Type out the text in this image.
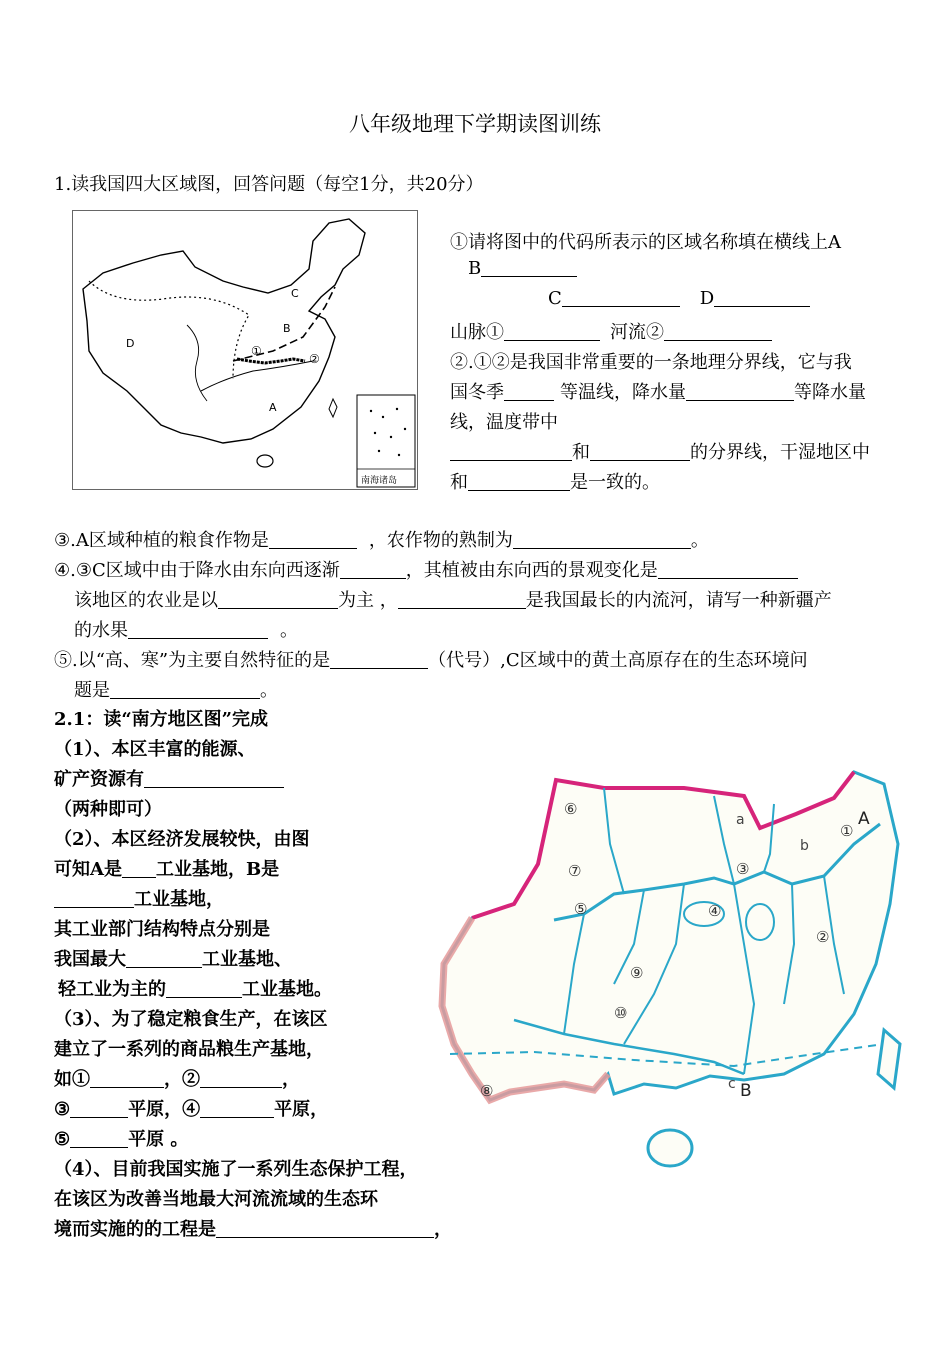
八年级地理下学期读图训练
1.读我国四大区域图，回答问题（每空1分，共20分）
D
A
B
C
①
②
南海诸岛
①请将图中的代码所表示的区域名称填在横线上A
B
C	D
山脉①	河流②
②.①②是我国非常重要的一条地理分界线，它与我
国冬季	等温线，降水量	等降水量
线，温度带中
和	的分界线，干湿地区中
和	是一致的。
③.A区域种植的粮食作物是	，农作物的熟制为	。
④.③C区域中由于降水由东向西逐渐	，其植被由东向西的景观变化是
该地区的农业是以	为主 ，	是我国最长的内流河，请写一种新疆产
的水果	。
⑤.以“高、寒”为主要自然特征的是	（代号）,C区域中的黄土高原存在的生态环境问
题是	。
2.1：读“南方地区图”完成
（1）、本区丰富的能源、
矿产资源有
（两种即可）
（2）、本区经济发展较快，由图
可知A是 工业基地，B是
工业基地，
其工业部门结构特点分别是
我国最大	工业基地、
轻工业为主的	工业基地。
（3）、为了稳定粮食生产，在该区
建立了一系列的商品粮生产基地，
如①	，②	，
③	平原，④	平原，
⑤	平原 。
（4）、目前我国实施了一系列生态保护工程，
在该区为改善当地最大河流流域的生态环
境而实施的的工程是	，
①
②
③
④
⑤
⑥
⑦
⑧
⑨
⑩
A
B
a
b
c
